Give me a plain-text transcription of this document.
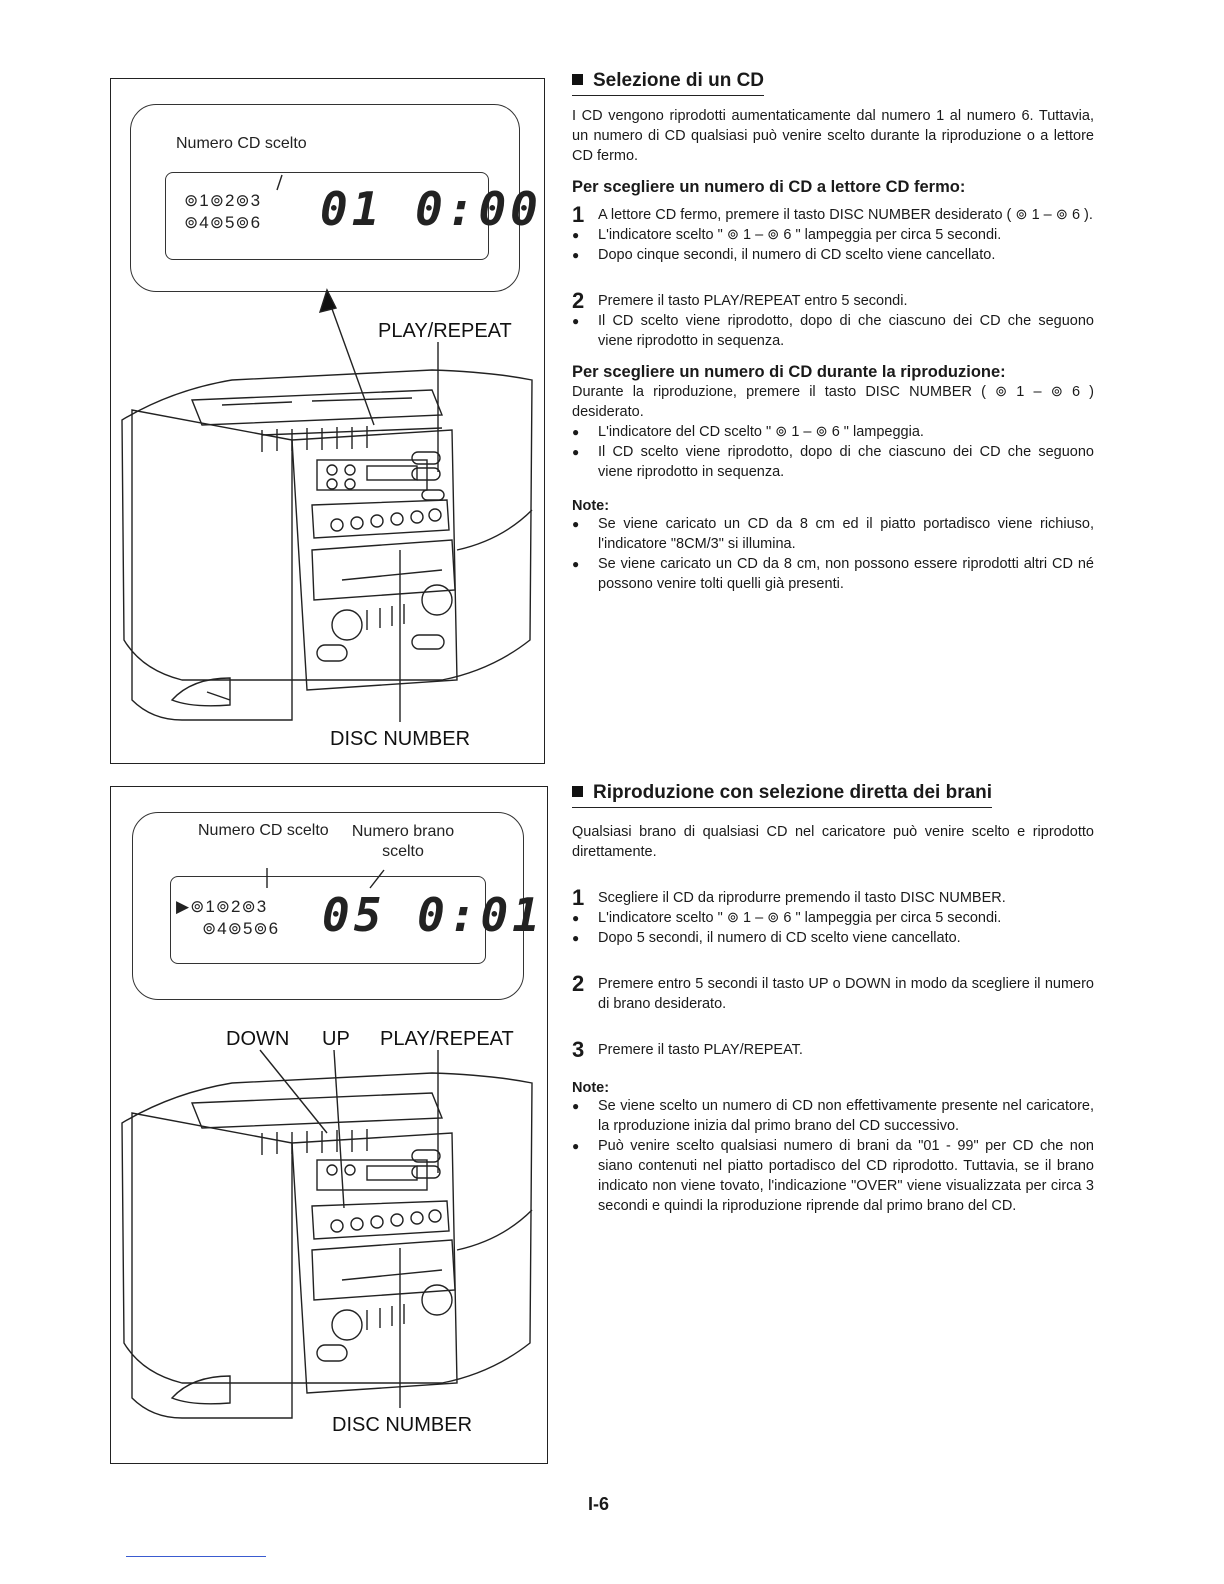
Numero CD scelto
⊚1⊚2⊚3
⊚4⊚5⊚6 01 0:00
PLAY/REPEAT
DISC NUMBER
Numero CD scelto Numero brano scelto
▶⊚1⊚2⊚3
⊚4⊚5⊚6 05 0:01
DOWN UP PLAY/REPEAT
DISC NUMBER
Selezione di un CD

I CD vengono riprodotti aumentaticamente dal numero 1 al numero 6. Tuttavia, un numero di CD qualsiasi può venire scelto durante la riproduzione o a lettore CD fermo.

Per scegliere un numero di CD a lettore CD fermo:
1 A lettore CD fermo, premere il tasto DISC NUMBER desiderato ( ⊚ 1 – ⊚ 6 ).

● L'indicatore scelto " ⊚ 1 – ⊚ 6 " lampeggia per circa 5 secondi.
● Dopo cinque secondi, il numero di CD scelto viene cancellato.
2 Premere il tasto PLAY/REPEAT entro 5 secondi.

● Il CD scelto viene riprodotto, dopo di che ciascuno dei CD che seguono viene riprodotto in sequenza.
Per scegliere un numero di CD durante la riproduzione:

Durante la riproduzione, premere il tasto DISC NUMBER ( ⊚ 1 – ⊚ 6 ) desiderato.

● L'indicatore del CD scelto " ⊚ 1 – ⊚ 6 " lampeggia.
● Il CD scelto viene riprodotto, dopo di che ciascuno dei CD che seguono viene riprodotto in sequenza.
Note:
● Se viene caricato un CD da 8 cm ed il piatto portadisco viene richiuso, l'indicatore "8CM/3" si illumina.
● Se viene caricato un CD da 8 cm, non possono essere riprodotti altri CD né possono venire tolti quelli già presenti.
Riproduzione con selezione diretta dei brani

Qualsiasi brano di qualsiasi CD nel caricatore può venire scelto e riprodotto direttamente.

1 Scegliere il CD da riprodurre premendo il tasto DISC NUMBER.

● L'indicatore scelto " ⊚ 1 – ⊚ 6 " lampeggia per circa 5 secondi.
● Dopo 5 secondi, il numero di CD scelto viene cancellato.
2 Premere entro 5 secondi il tasto UP o DOWN in modo da scegliere il numero di brano desiderato.

3 Premere il tasto PLAY/REPEAT.

Note:
● Se viene scelto un numero di CD non effettivamente presente nel caricatore, la rproduzione inizia dal primo brano del CD successivo.
● Può venire scelto qualsiasi numero di brani da "01 - 99" per CD che non siano contenuti nel piatto portadisco del CD riprodotto. Tuttavia, se il brano indicato non viene tovato, l'indicazione "OVER" viene visualizzata per circa 3 secondi e quindi la riproduzione riprende dal primo brano del CD.
I-6
